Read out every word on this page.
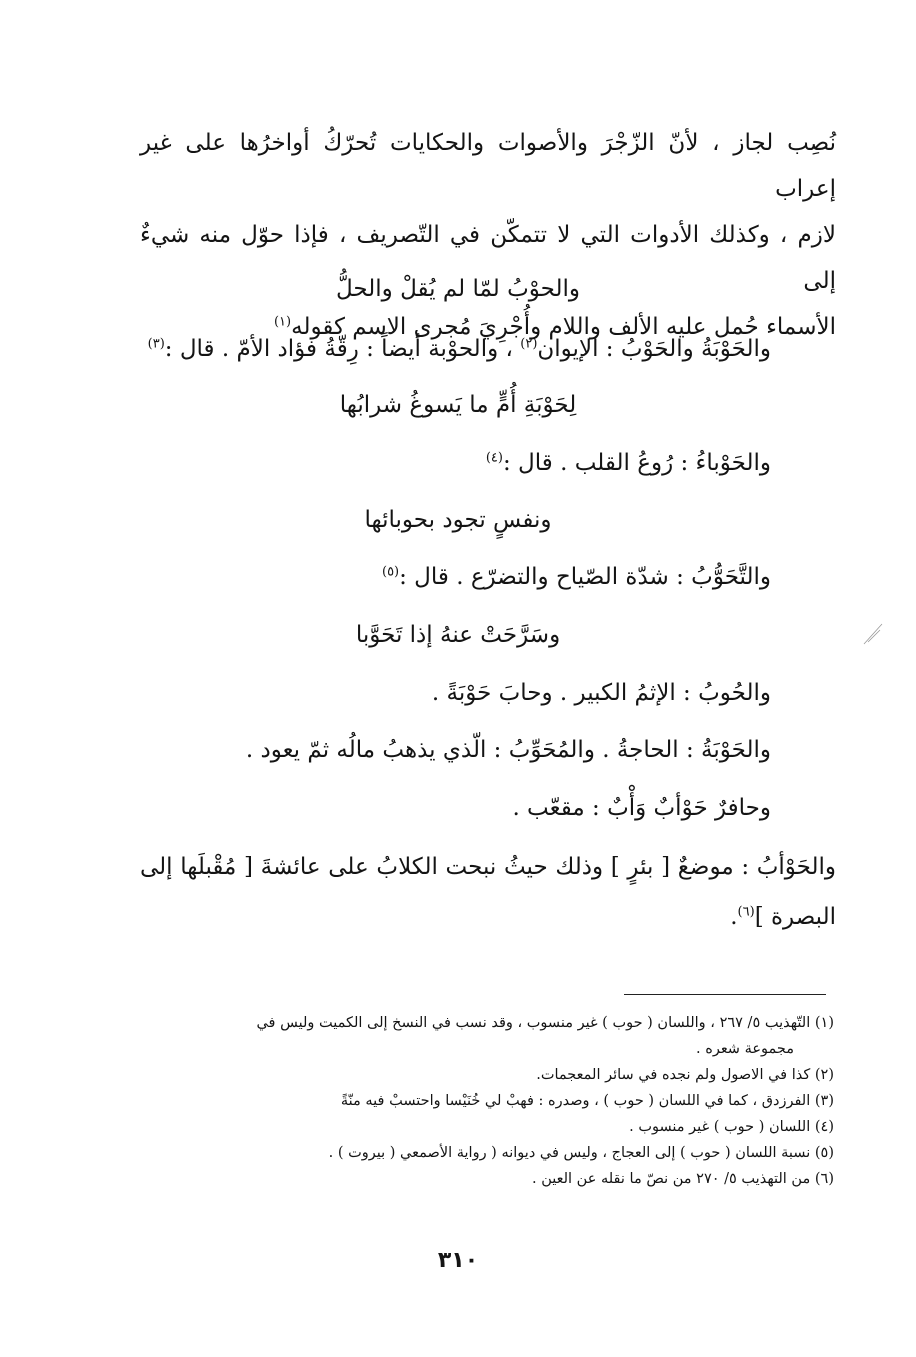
نُصِب لجاز ، لأنّ الزّجْرَ والأصوات والحكايات تُحرّكُ أواخرُها على غير إعراب

لازم ، وكذلك الأدوات التي لا تتمكّن في التّصريف ، فإذا حوّل منه شيءٌ إلى

الأسماء حُمل عليه الألف واللام وأُجْرِيَ مُجرى الاسم كقوله$^{(١)}$

والحوْبُ لمّا لم يُقلْ والحلُّ
والحَوْبَةُ والحَوْبُ : الإيوان$^{(٢)}$ ، والحوْبة أيضاً : رِقّةُ فؤاد الأمّ . قال :$^{(٣)}$
لِحَوْبَةِ أُمٍّ ما يَسوغُ شرابُها
والحَوْباءُ : رُوعُ القلب . قال :$^{(٤)}$
ونفسٍ تجود بحوبائها
والتَّحَوُّبُ : شدّة الصّياح والتضرّع . قال :$^{(٥)}$
وسَرَّحَتْ عنهُ إذا تَحَوَّبا
والحُوبُ : الإثمُ الكبير . وحابَ حَوْبَةً .
والحَوْبَةُ : الحاجةُ . والمُحَوِّبُ : الّذي يذهبُ مالُه ثمّ يعود .
وحافرٌ حَوْأبٌ وَأْبٌ : مقعّب .
والحَوْأبُ : موضعٌ [ بئرٍ ] وذلك حيثُ نبحت الكلابُ على عائشةَ [ مُقْبلَها إلى البصرة ]$^{(٦)}$.

(١) التّهذيب ٥/ ٢٦٧ ، واللسان ( حوب ) غير منسوب ، وقد نسب في النسخ إلى الكميت وليس في

مجموعة شعره .

(٢) كذا في الاصول ولم نجده في سائر المعجمات.

(٣) الفرزدق ، كما في اللسان ( حوب ) ، وصدره : فهبْ لي خُنَيْسا واحتسبْ فيه منّةً

(٤) اللسان ( حوب ) غير منسوب .

(٥) نسبة اللسان ( حوب ) إلى العجاج ، وليس في ديوانه ( رواية الأصمعي ( بيروت ) .

(٦) من التهذيب ٥/ ٢٧٠ من نصّ ما نقله عن العين .

٣١٠
